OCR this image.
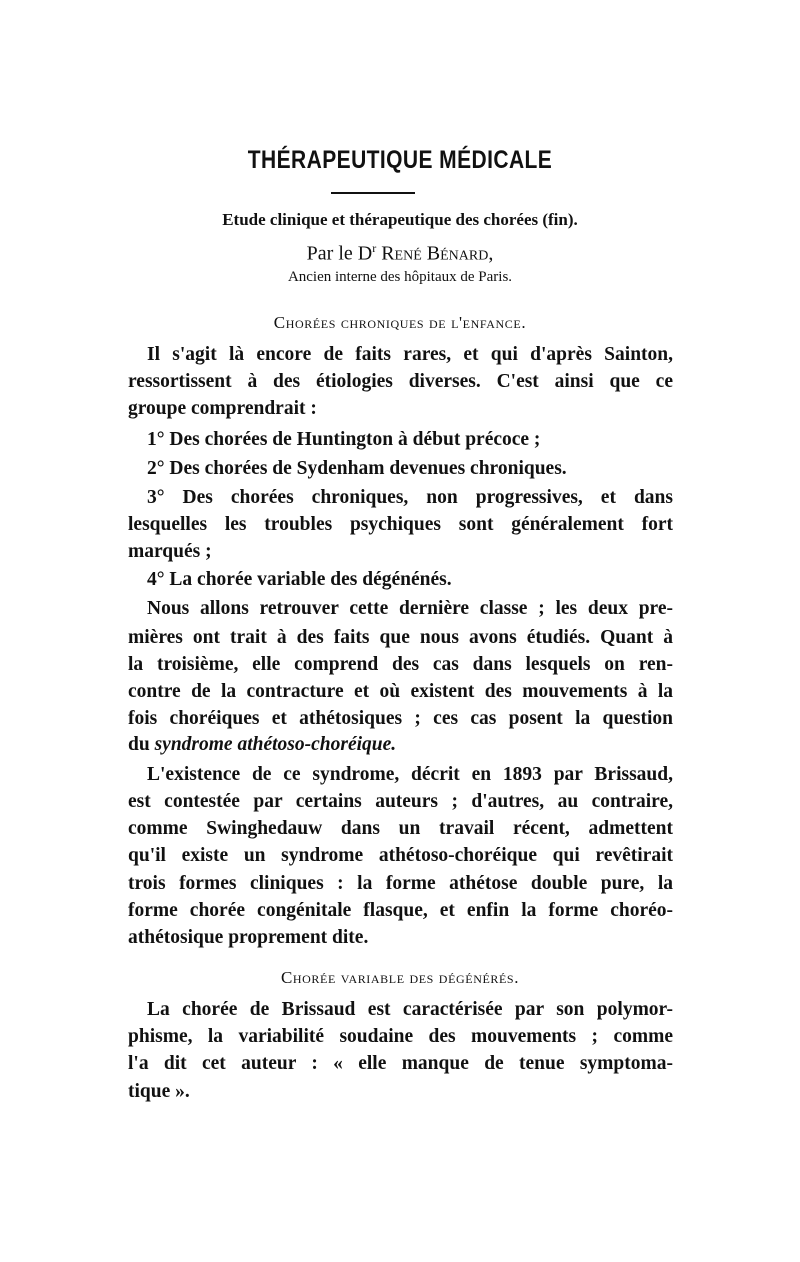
THÉRAPEUTIQUE MÉDICALE
Etude clinique et thérapeutique des chorées (fin).
Par le $D^r$ René Bénard,
Ancien interne des hôpitaux de Paris.
Chorées chroniques de l'enfance.
Il s'agit là encore de faits rares, et qui d'après Sainton,
ressortissent à des étiologies diverses. C'est ainsi que ce
groupe comprendrait :
1° Des chorées de Huntington à début précoce ;
2° Des chorées de Sydenham devenues chroniques.
3° Des chorées chroniques, non progressives, et dans
lesquelles les troubles psychiques sont généralement fort
marqués ;
4° La chorée variable des dégénénés.
Nous allons retrouver cette dernière classe ; les deux pre-
mières ont trait à des faits que nous avons étudiés. Quant à
la troisième, elle comprend des cas dans lesquels on ren-
contre de la contracture et où existent des mouvements à la
fois choréiques et athétosiques ; ces cas posent la question
du syndrome athétoso-choréique.
L'existence de ce syndrome, décrit en 1893 par Brissaud,
est contestée par certains auteurs ; d'autres, au contraire,
comme Swinghedauw dans un travail récent, admettent
qu'il existe un syndrome athétoso-choréique qui revêtirait
trois formes cliniques : la forme athétose double pure, la
forme chorée congénitale flasque, et enfin la forme choréo-
athétosique proprement dite.
Chorée variable des dégénérés.
La chorée de Brissaud est caractérisée par son polymor-
phisme, la variabilité soudaine des mouvements ; comme
l'a dit cet auteur : « elle manque de tenue symptoma-
tique ».
